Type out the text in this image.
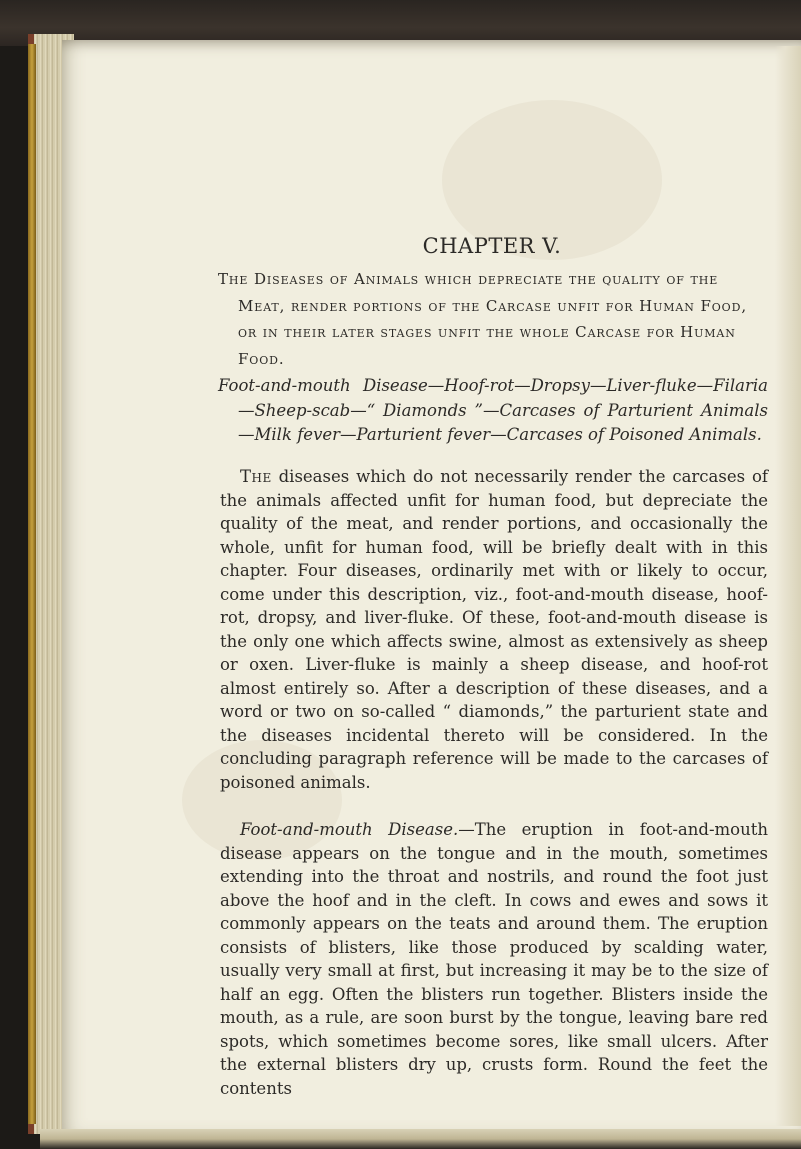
CHAPTER V.

The Diseases of Animals which depreciate the quality of the Meat, render portions of the Carcase unfit for Human Food, or in their later stages unfit the whole Carcase for Human Food.

Foot-and-mouth Disease—Hoof-rot—Dropsy—Liver-fluke—Filaria—Sheep-scab—“ Diamonds ”—Carcases of Parturient Animals—Milk fever—Parturient fever—Carcases of Poisoned Animals.

The diseases which do not necessarily render the carcases of the animals affected unfit for human food, but depreciate the quality of the meat, and render portions, and occasionally the whole, unfit for human food, will be briefly dealt with in this chapter. Four diseases, ordinarily met with or likely to occur, come under this description, viz., foot-and-mouth disease, hoof-rot, dropsy, and liver-fluke. Of these, foot-and-mouth disease is the only one which affects swine, almost as extensively as sheep or oxen. Liver-fluke is mainly a sheep disease, and hoof-rot almost entirely so. After a description of these diseases, and a word or two on so-called “ diamonds,” the parturient state and the diseases incidental thereto will be considered. In the concluding paragraph reference will be made to the carcases of poisoned animals.

Foot-and-mouth Disease.—The eruption in foot-and-mouth disease appears on the tongue and in the mouth, sometimes extending into the throat and nostrils, and round the foot just above the hoof and in the cleft. In cows and ewes and sows it commonly appears on the teats and around them. The eruption consists of blisters, like those produced by scalding water, usually very small at first, but increasing it may be to the size of half an egg. Often the blisters run together. Blisters inside the mouth, as a rule, are soon burst by the tongue, leaving bare red spots, which sometimes become sores, like small ulcers. After the external blisters dry up, crusts form. Round the feet the contents
